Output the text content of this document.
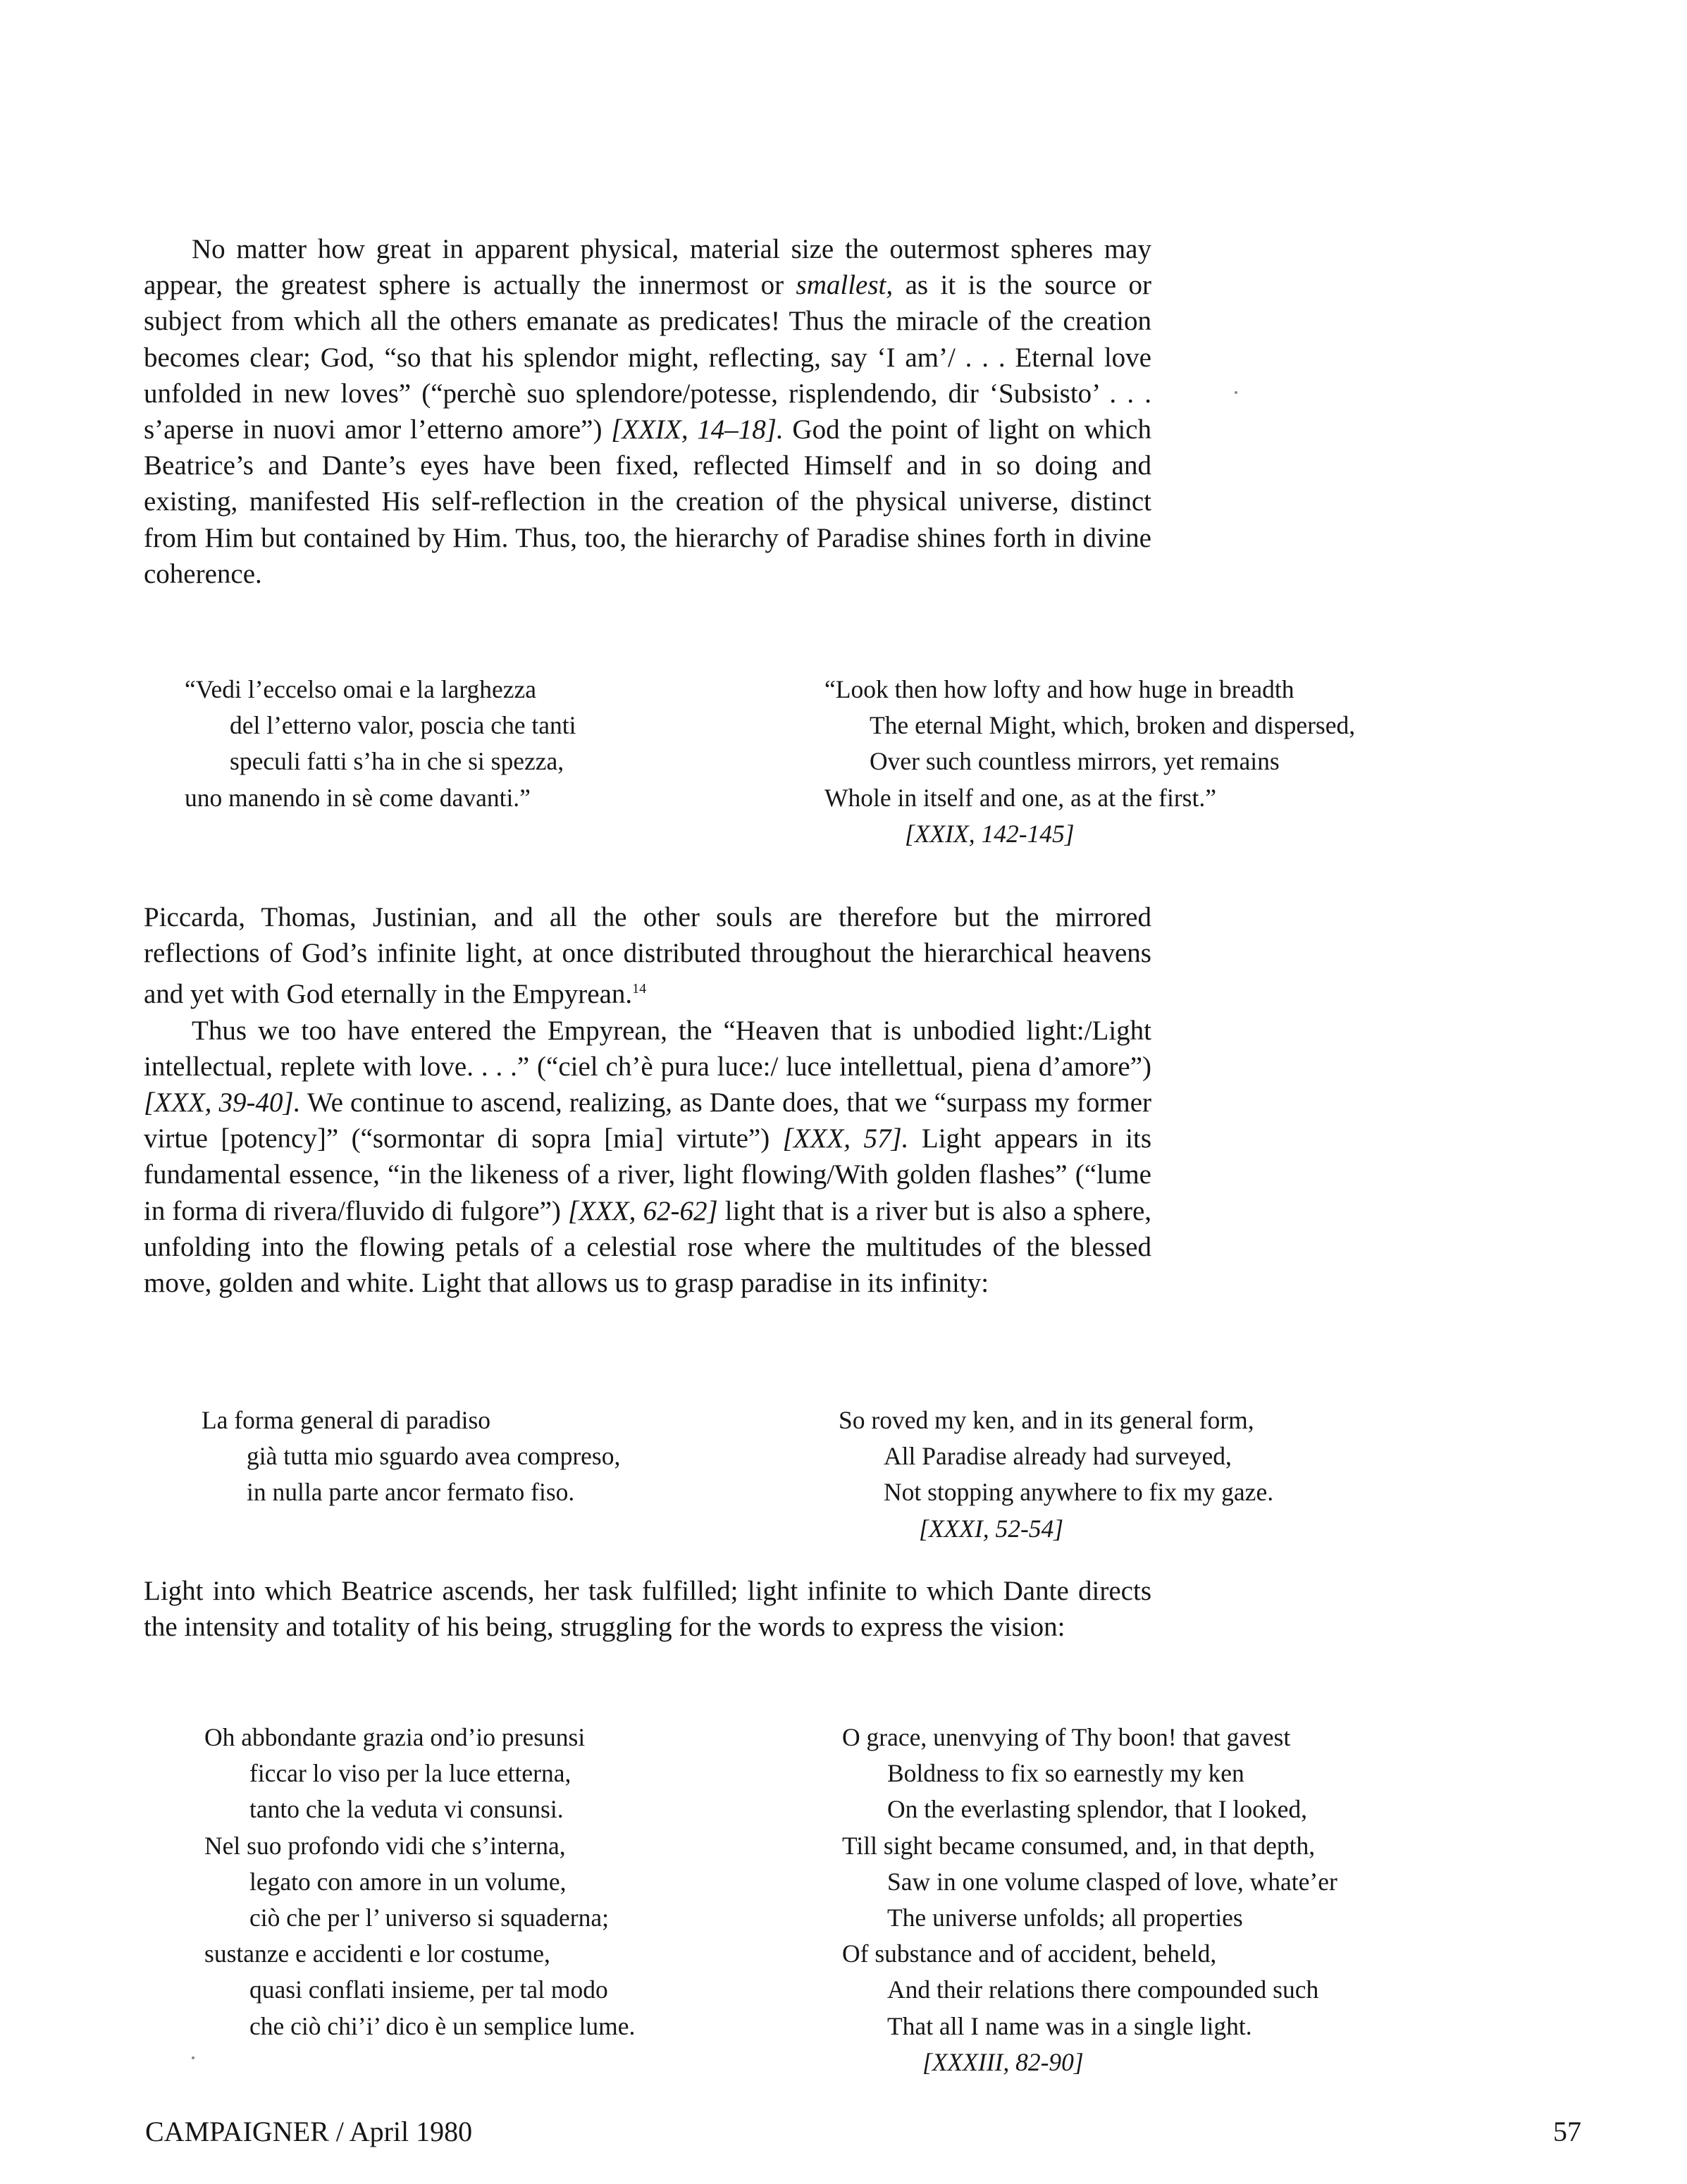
No matter how great in apparent physical, material size the outermost spheres may appear, the greatest sphere is actually the innermost or smallest, as it is the source or subject from which all the others emanate as predicates! Thus the miracle of the creation becomes clear; God, “so that his splendor might, reflecting, say ‘I am’/ . . . Eternal love unfolded in new loves” (“perchè suo splendore/potesse, risplendendo, dir ‘Subsisto’ . . . s’aperse in nuovi amor l’etterno amore”) [XXIX, 14–18]. God the point of light on which Beatrice’s and Dante’s eyes have been fixed, reflected Himself and in so doing and existing, manifested His self-reflection in the creation of the physical universe, distinct from Him but contained by Him. Thus, too, the hierarchy of Paradise shines forth in divine coherence.

“Vedi l’eccelso omai e la larghezza
del l’etterno valor, poscia che tanti
speculi fatti s’ha in che si spezza,
uno manendo in sè come davanti.”
“Look then how lofty and how huge in breadth
The eternal Might, which, broken and dispersed,
Over such countless mirrors, yet remains
Whole in itself and one, as at the first.”
[XXIX, 142-145]

Piccarda, Thomas, Justinian, and all the other souls are therefore but the mirrored reflections of God’s infinite light, at once distributed throughout the hierarchical heavens and yet with God eternally in the Empyrean.$^{14}$

Thus we too have entered the Empyrean, the “Heaven that is unbodied light:/Light intellectual, replete with love. . . .” (“ciel ch’è pura luce:/ luce intellettual, piena d’amore”) [XXX, 39-40]. We continue to ascend, realizing, as Dante does, that we “surpass my former virtue [potency]” (“sormontar di sopra [mia] virtute”) [XXX, 57]. Light appears in its fundamental essence, “in the likeness of a river, light flowing/With golden flashes” (“lume in forma di rivera/fluvido di fulgore”) [XXX, 62-62] light that is a river but is also a sphere, unfolding into the flowing petals of a celestial rose where the multitudes of the blessed move, golden and white. Light that allows us to grasp paradise in its infinity:

La forma general di paradiso
già tutta mio sguardo avea compreso,
in nulla parte ancor fermato fiso.
So roved my ken, and in its general form,
All Paradise already had surveyed,
Not stopping anywhere to fix my gaze.
[XXXI, 52-54]

Light into which Beatrice ascends, her task fulfilled; light infinite to which Dante directs the intensity and totality of his being, struggling for the words to express the vision:

Oh abbondante grazia ond’io presunsi
ficcar lo viso per la luce etterna,
tanto che la veduta vi consunsi.
Nel suo profondo vidi che s’interna,
legato con amore in un volume,
ciò che per l’ universo si squaderna;
sustanze e accidenti e lor costume,
quasi conflati insieme, per tal modo
che ciò chi’i’ dico è un semplice lume.
O grace, unenvying of Thy boon! that gavest
Boldness to fix so earnestly my ken
On the everlasting splendor, that I looked,
Till sight became consumed, and, in that depth,
Saw in one volume clasped of love, whate’er
The universe unfolds; all properties
Of substance and of accident, beheld,
And their relations there compounded such
That all I name was in a single light.
[XXXIII, 82-90]
CAMPAIGNER / April 1980	57
